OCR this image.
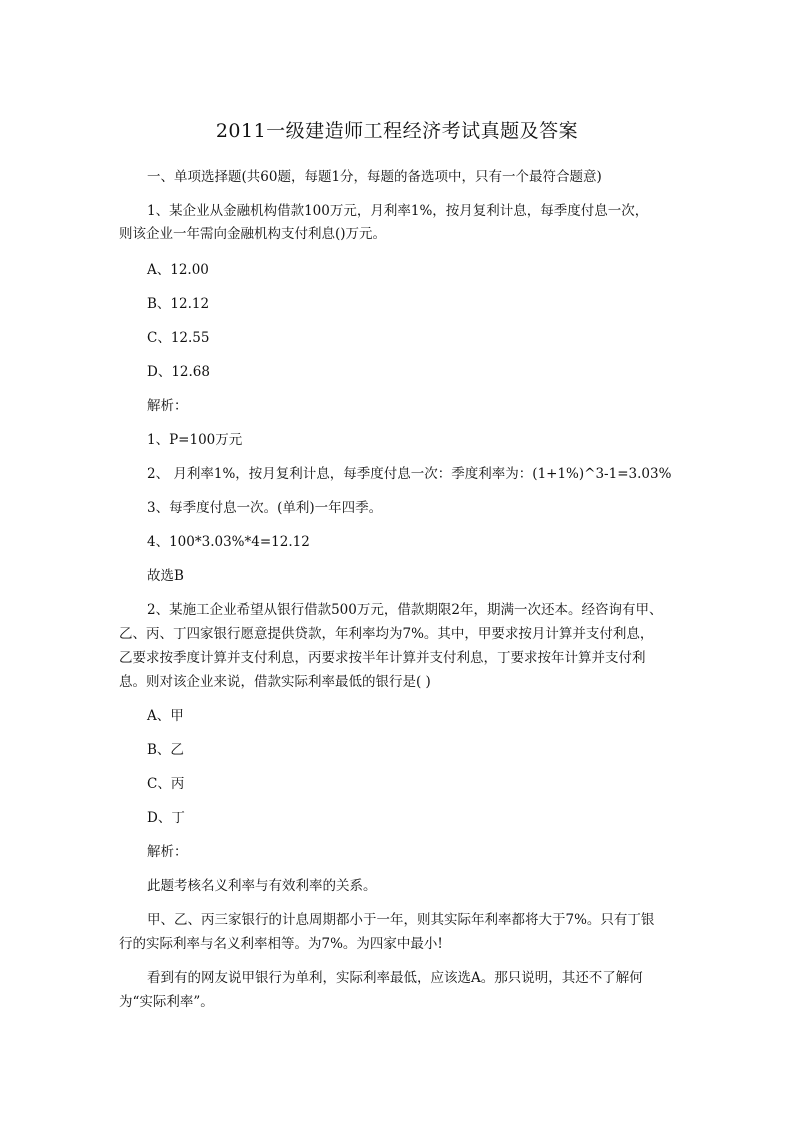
2011一级建造师工程经济考试真题及答案
一、单项选择题(共60题，每题1分，每题的备选项中，只有一个最符合题意)
1、某企业从金融机构借款100万元，月利率1%，按月复利计息，每季度付息一次，
则该企业一年需向金融机构支付利息()万元。
A、12.00
B、12.12
C、12.55
D、12.68
解析：
1、P=100万元
2、 月利率1%，按月复利计息，每季度付息一次：季度利率为：(1+1%)^3-1=3.03%
3、每季度付息一次。(单利)一年四季。
4、100*3.03%*4=12.12
故选B
2、某施工企业希望从银行借款500万元，借款期限2年，期满一次还本。经咨询有甲、
乙、丙、丁四家银行愿意提供贷款，年利率均为7%。其中，甲要求按月计算并支付利息，
乙要求按季度计算并支付利息，丙要求按半年计算并支付利息，丁要求按年计算并支付利
息。则对该企业来说，借款实际利率最低的银行是( )
A、甲
B、乙
C、丙
D、丁
解析：
此题考核名义利率与有效利率的关系。
甲、乙、丙三家银行的计息周期都小于一年，则其实际年利率都将大于7%。只有丁银
行的实际利率与名义利率相等。为7%。为四家中最小!
看到有的网友说甲银行为单利，实际利率最低，应该选A。那只说明，其还不了解何
为“实际利率”。
